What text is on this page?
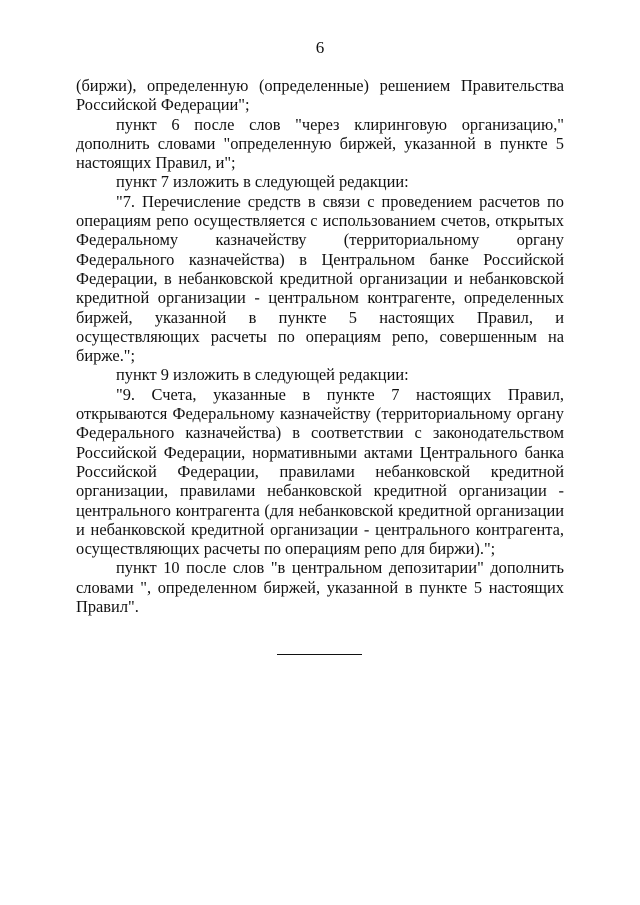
6

(биржи), определенную (определенные) решением Правительства Российской Федерации";

пункт 6 после слов "через клиринговую организацию," дополнить словами "определенную биржей, указанной в пункте 5 настоящих Правил, и";

пункт 7 изложить в следующей редакции:

"7. Перечисление средств в связи с проведением расчетов по операциям репо осуществляется с использованием счетов, открытых Федеральному казначейству (территориальному органу Федерального казначейства) в Центральном банке Российской Федерации, в небанковской кредитной организации и небанковской кредитной организации - центральном контрагенте, определенных биржей, указанной в пункте 5 настоящих Правил, и осуществляющих расчеты по операциям репо, совершенным на бирже.";

пункт 9 изложить в следующей редакции:

"9. Счета, указанные в пункте 7 настоящих Правил, открываются Федеральному казначейству (территориальному органу Федерального казначейства) в соответствии с законодательством Российской Федерации, нормативными актами Центрального банка Российской Федерации, правилами небанковской кредитной организации, правилами небанковской кредитной организации - центрального контрагента (для небанковской кредитной организации и небанковской кредитной организации - центрального контрагента, осуществляющих расчеты по операциям репо для биржи).";

пункт 10 после слов "в центральном депозитарии" дополнить словами ", определенном биржей, указанной в пункте 5 настоящих Правил".
